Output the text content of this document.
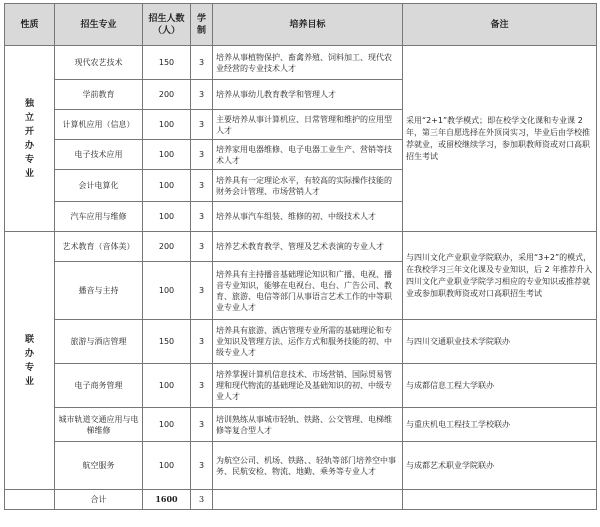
性质	招生专业	招生人数（人）	学制	培养目标	备注

独立开办专业	现代农艺技术	150	3	培养从事植物保护、畜禽养殖、饲料加工、现代农业经营的专业技术人才	采用“2+1”教学模式；即在校学文化课和专业课 2 年，第三年自愿选择在外顶岗实习，毕业后由学校推荐就业，或留校继续学习，参加职教师资或对口高职招生考试
	学前教育	200	3	培养从事幼儿教育教学和管理人才	
	计算机应用（信息）	100	3	主要培养从事计算机应、日常管理和维护的应用型人才	
	电子技术应用	100	3	培养家用电器维修、电子电器工业生产、营销等技术人才	
	会计电算化	100	3	培养具有一定理论水平，有较高的实际操作技能的财务会计管理、市场营销人才	
	汽车应用与维修	100	3	培养从事汽车组装、维修的初、中级技术人才	

联办专业	艺术教育（音体美）	200	3	培养艺术教育教学、管理及艺术表演的专业人才	与四川文化产业职业学院联办，采用“3+2”的模式，在我校学习三年文化课及专业知识，后 2 年推荐升入四川文化产业职业学院学习相应的专业知识或推荐就业或参加职教师资或对口高职招生考试
	播音与主持	100	3	培养具有主持播音基础理论知识和广播、电视、播音专业知识，能够在电视台、电台、广告公司、教育、旅游、电信等部门从事语言艺术工作的中等职业专业人才	
	旅游与酒店管理	150	3	培养具有旅游、酒店管理专业所需的基础理论和专业知识及管理方法、运作方式和服务技能的初、中级专业人才	与四川交通职业技术学院联办
	电子商务管理	100	3	培养掌握计算机信息技术、市场营销、国际贸易管理和现代物流的基础理论及基础知识的初、中级专业人才	与成都信息工程大学联办
	城市轨道交通应用与电梯维修	100	3	培训熟练从事城市轻轨、铁路、公交管理、电梯维修等复合型人才	与重庆机电工程技工学校联办
	航空服务	100	3	为航空公司、机场、铁路、、轻轨等部门培养空中事务、民航安检、物流、地勤、乘务等专业人才	与成都艺术职业学院联办
	合计	1600	3		
